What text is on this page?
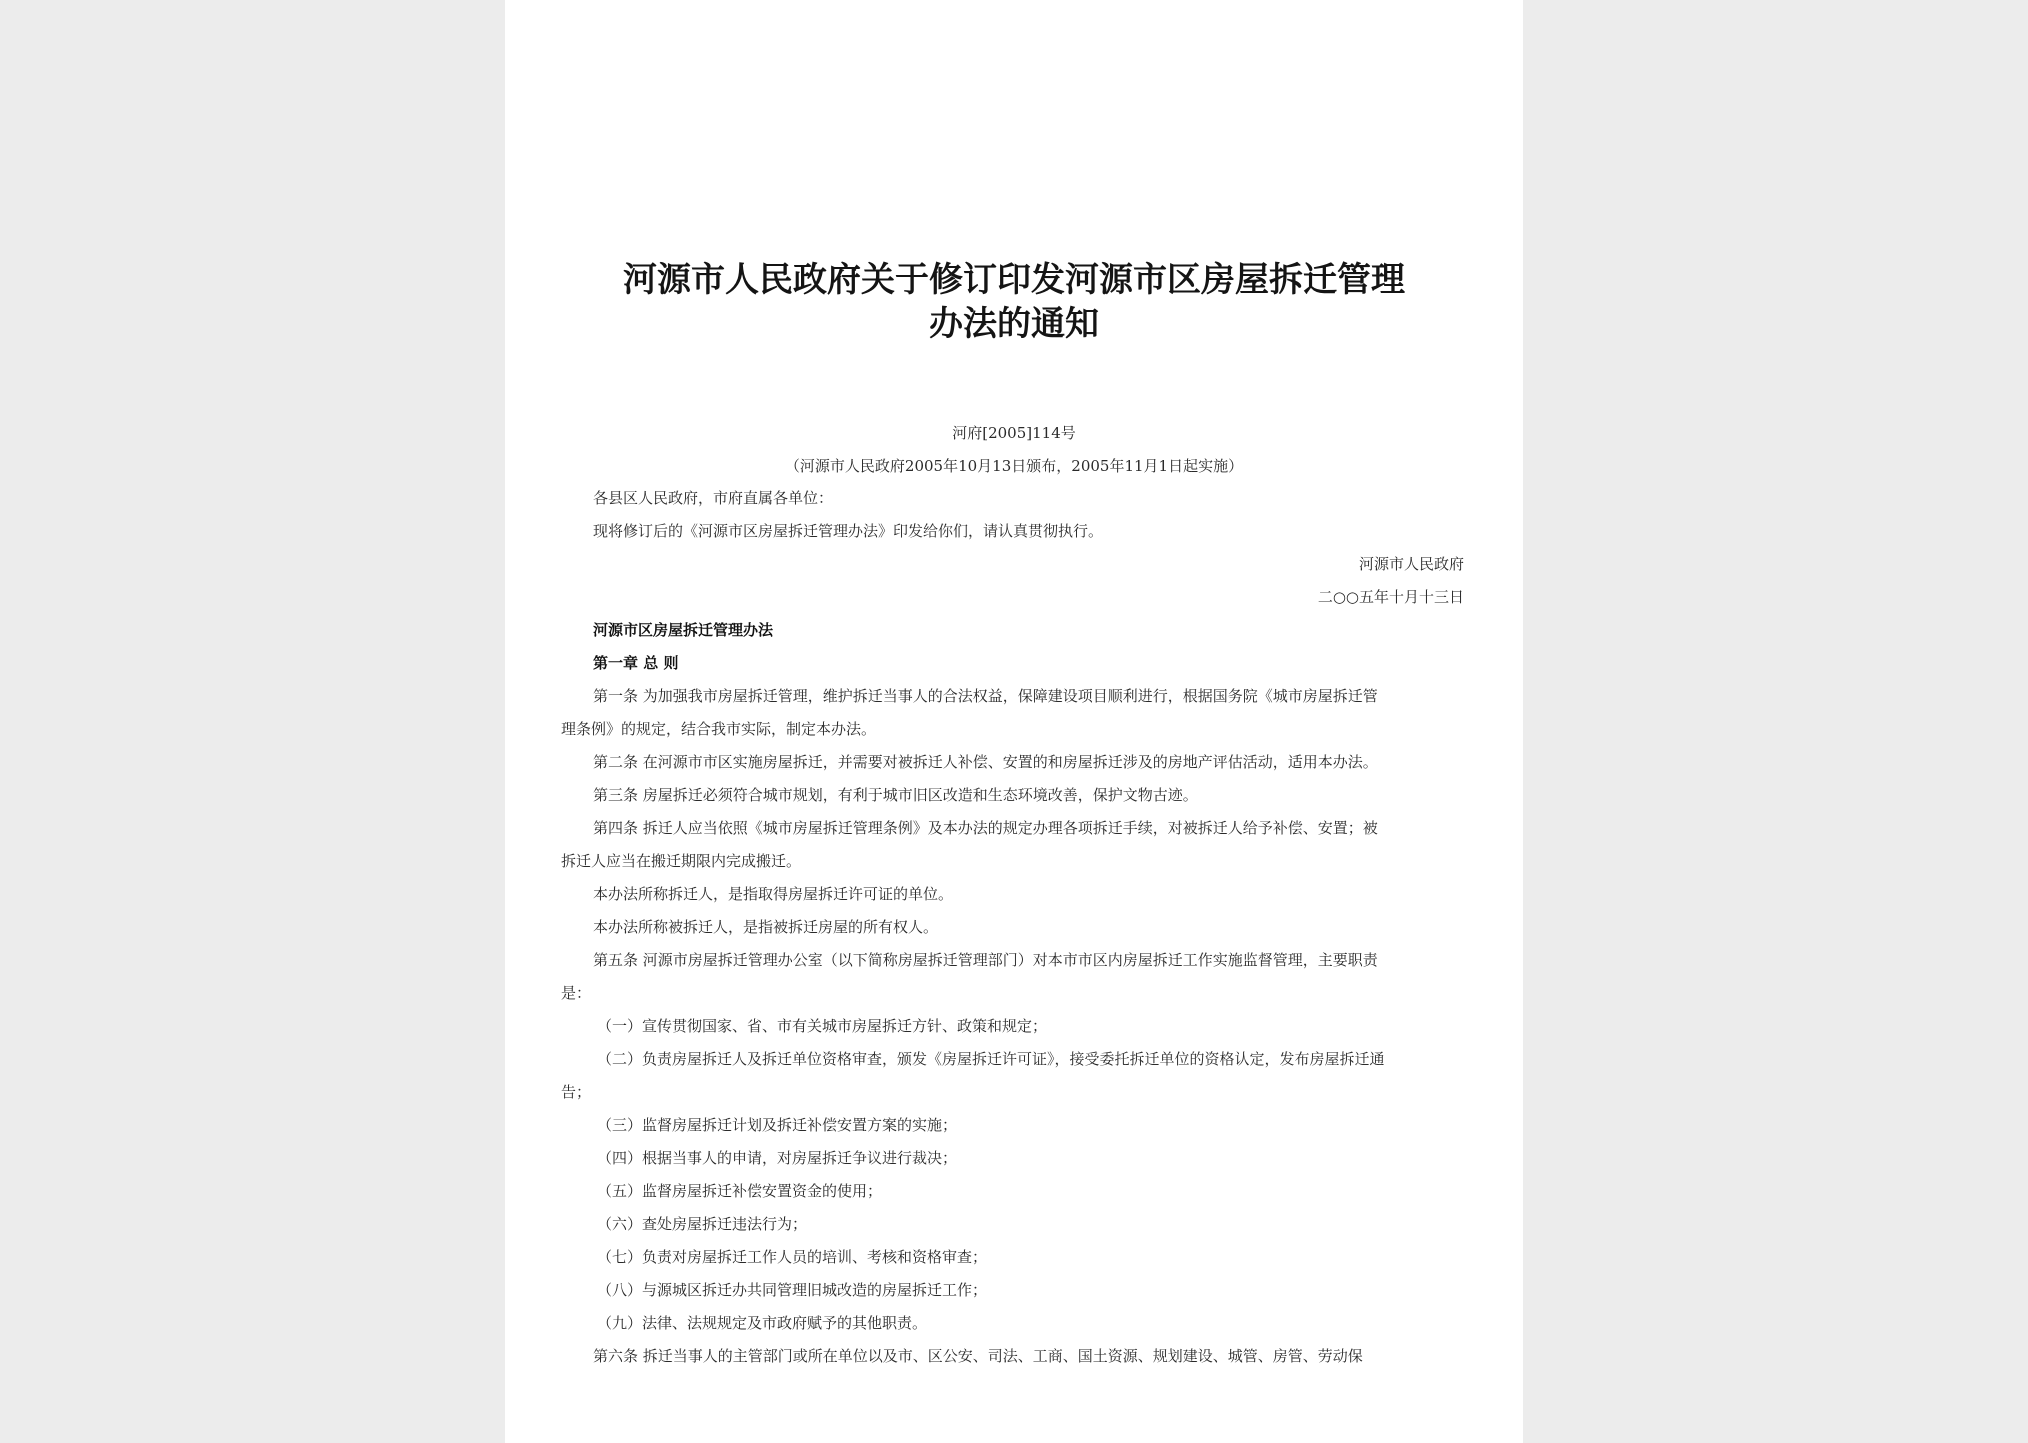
河源市人民政府关于修订印发河源市区房屋拆迁管理
办法的通知
河府[2005]114号
（河源市人民政府2005年10月13日颁布，2005年11月1日起实施）
各县区人民政府，市府直属各单位：
现将修订后的《河源市区房屋拆迁管理办法》印发给你们，请认真贯彻执行。
河源市人民政府
二○○五年十月十三日
河源市区房屋拆迁管理办法
第一章 总 则
第一条 为加强我市房屋拆迁管理，维护拆迁当事人的合法权益，保障建设项目顺利进行，根据国务院《城市房屋拆迁管
理条例》的规定，结合我市实际，制定本办法。
第二条 在河源市市区实施房屋拆迁，并需要对被拆迁人补偿、安置的和房屋拆迁涉及的房地产评估活动，适用本办法。
第三条 房屋拆迁必须符合城市规划，有利于城市旧区改造和生态环境改善，保护文物古迹。
第四条 拆迁人应当依照《城市房屋拆迁管理条例》及本办法的规定办理各项拆迁手续，对被拆迁人给予补偿、安置；被
拆迁人应当在搬迁期限内完成搬迁。
本办法所称拆迁人，是指取得房屋拆迁许可证的单位。
本办法所称被拆迁人，是指被拆迁房屋的所有权人。
第五条 河源市房屋拆迁管理办公室（以下简称房屋拆迁管理部门）对本市市区内房屋拆迁工作实施监督管理，主要职责
是：
（一）宣传贯彻国家、省、市有关城市房屋拆迁方针、政策和规定；
（二）负责房屋拆迁人及拆迁单位资格审查，颁发《房屋拆迁许可证》，接受委托拆迁单位的资格认定，发布房屋拆迁通
告；
（三）监督房屋拆迁计划及拆迁补偿安置方案的实施；
（四）根据当事人的申请，对房屋拆迁争议进行裁决；
（五）监督房屋拆迁补偿安置资金的使用；
（六）查处房屋拆迁违法行为；
（七）负责对房屋拆迁工作人员的培训、考核和资格审查；
（八）与源城区拆迁办共同管理旧城改造的房屋拆迁工作；
（九）法律、法规规定及市政府赋予的其他职责。
第六条 拆迁当事人的主管部门或所在单位以及市、区公安、司法、工商、国土资源、规划建设、城管、房管、劳动保
